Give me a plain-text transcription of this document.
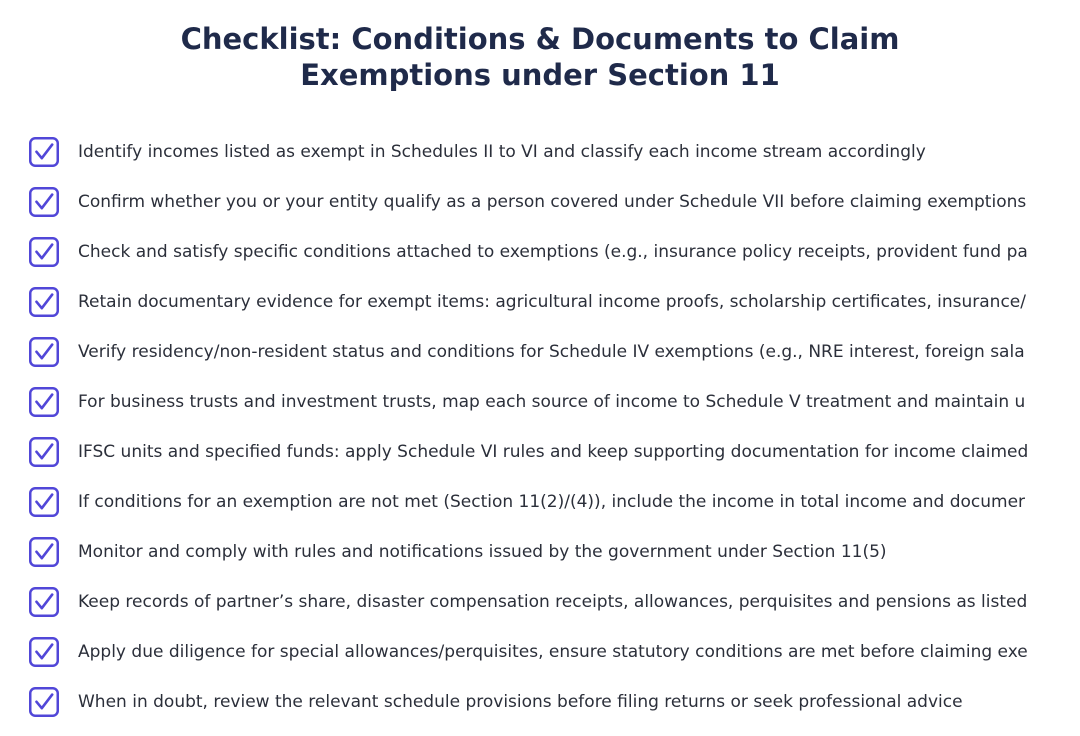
Checklist: Conditions & Documents to Claim
Exemptions under Section 11
Identify incomes listed as exempt in Schedules II to VI and classify each income stream accordingly
Confirm whether you or your entity qualify as a person covered under Schedule VII before claiming exemptions
Check and satisfy specific conditions attached to exemptions (e.g., insurance policy receipts, provident fund pa
Retain documentary evidence for exempt items: agricultural income proofs, scholarship certificates, insurance/
Verify residency/non-resident status and conditions for Schedule IV exemptions (e.g., NRE interest, foreign sala
For business trusts and investment trusts, map each source of income to Schedule V treatment and maintain u
IFSC units and specified funds: apply Schedule VI rules and keep supporting documentation for income claimed
If conditions for an exemption are not met (Section 11(2)/(4)), include the income in total income and documer
Monitor and comply with rules and notifications issued by the government under Section 11(5)
Keep records of partner’s share, disaster compensation receipts, allowances, perquisites and pensions as listed
Apply due diligence for special allowances/perquisites, ensure statutory conditions are met before claiming exe
When in doubt, review the relevant schedule provisions before filing returns or seek professional advice
